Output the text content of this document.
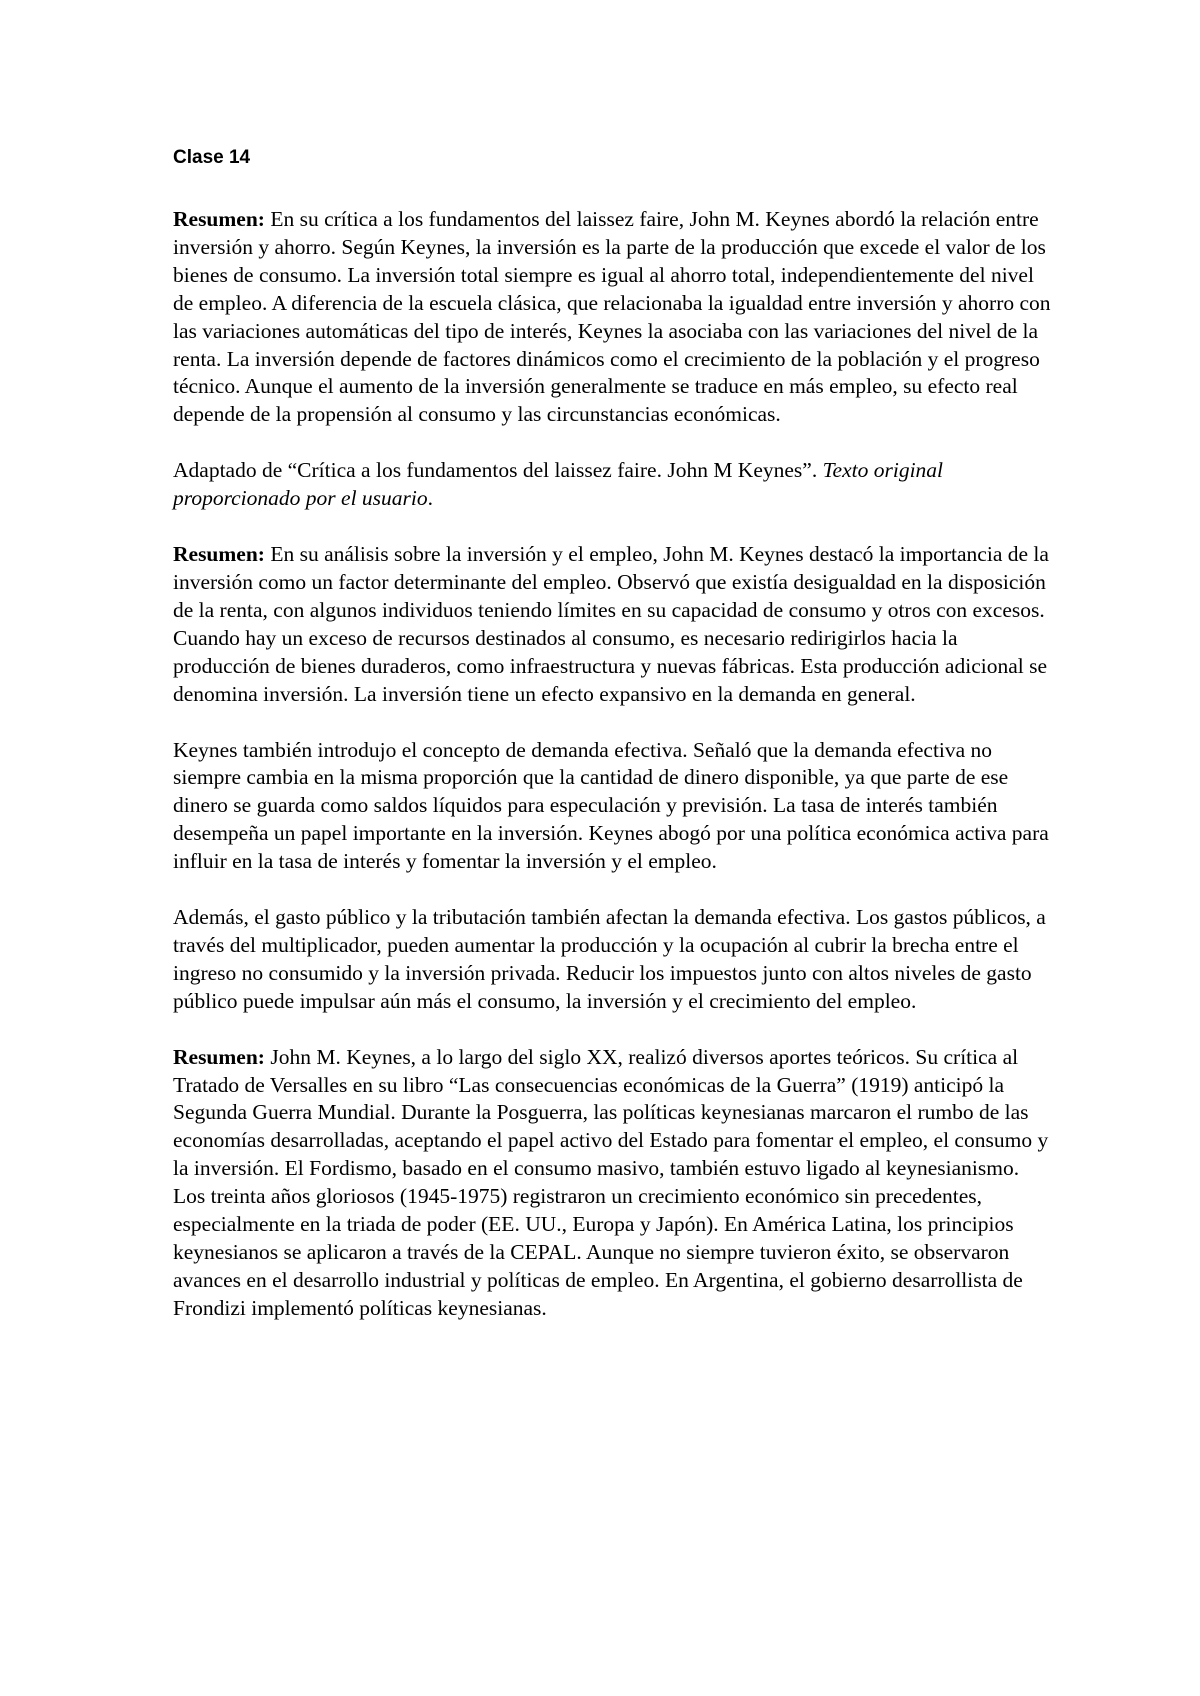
Clase 14

Resumen: En su crítica a los fundamentos del laissez faire, John M. Keynes abordó la relación entre inversión y ahorro. Según Keynes, la inversión es la parte de la producción que excede el valor de los bienes de consumo. La inversión total siempre es igual al ahorro total, independientemente del nivel de empleo. A diferencia de la escuela clásica, que relacionaba la igualdad entre inversión y ahorro con las variaciones automáticas del tipo de interés, Keynes la asociaba con las variaciones del nivel de la renta. La inversión depende de factores dinámicos como el crecimiento de la población y el progreso técnico. Aunque el aumento de la inversión generalmente se traduce en más empleo, su efecto real depende de la propensión al consumo y las circunstancias económicas.

Adaptado de “Crítica a los fundamentos del laissez faire. John M Keynes”. Texto original proporcionado por el usuario.

Resumen: En su análisis sobre la inversión y el empleo, John M. Keynes destacó la importancia de la inversión como un factor determinante del empleo. Observó que existía desigualdad en la disposición de la renta, con algunos individuos teniendo límites en su capacidad de consumo y otros con excesos. Cuando hay un exceso de recursos destinados al consumo, es necesario redirigirlos hacia la producción de bienes duraderos, como infraestructura y nuevas fábricas. Esta producción adicional se denomina inversión. La inversión tiene un efecto expansivo en la demanda en general.

Keynes también introdujo el concepto de demanda efectiva. Señaló que la demanda efectiva no siempre cambia en la misma proporción que la cantidad de dinero disponible, ya que parte de ese dinero se guarda como saldos líquidos para especulación y previsión. La tasa de interés también desempeña un papel importante en la inversión. Keynes abogó por una política económica activa para influir en la tasa de interés y fomentar la inversión y el empleo.

Además, el gasto público y la tributación también afectan la demanda efectiva. Los gastos públicos, a través del multiplicador, pueden aumentar la producción y la ocupación al cubrir la brecha entre el ingreso no consumido y la inversión privada. Reducir los impuestos junto con altos niveles de gasto público puede impulsar aún más el consumo, la inversión y el crecimiento del empleo.

Resumen: John M. Keynes, a lo largo del siglo XX, realizó diversos aportes teóricos. Su crítica al Tratado de Versalles en su libro “Las consecuencias económicas de la Guerra” (1919) anticipó la Segunda Guerra Mundial. Durante la Posguerra, las políticas keynesianas marcaron el rumbo de las economías desarrolladas, aceptando el papel activo del Estado para fomentar el empleo, el consumo y la inversión. El Fordismo, basado en el consumo masivo, también estuvo ligado al keynesianismo. Los treinta años gloriosos (1945-1975) registraron un crecimiento económico sin precedentes, especialmente en la triada de poder (EE. UU., Europa y Japón). En América Latina, los principios keynesianos se aplicaron a través de la CEPAL. Aunque no siempre tuvieron éxito, se observaron avances en el desarrollo industrial y políticas de empleo. En Argentina, el gobierno desarrollista de Frondizi implementó políticas keynesianas.
